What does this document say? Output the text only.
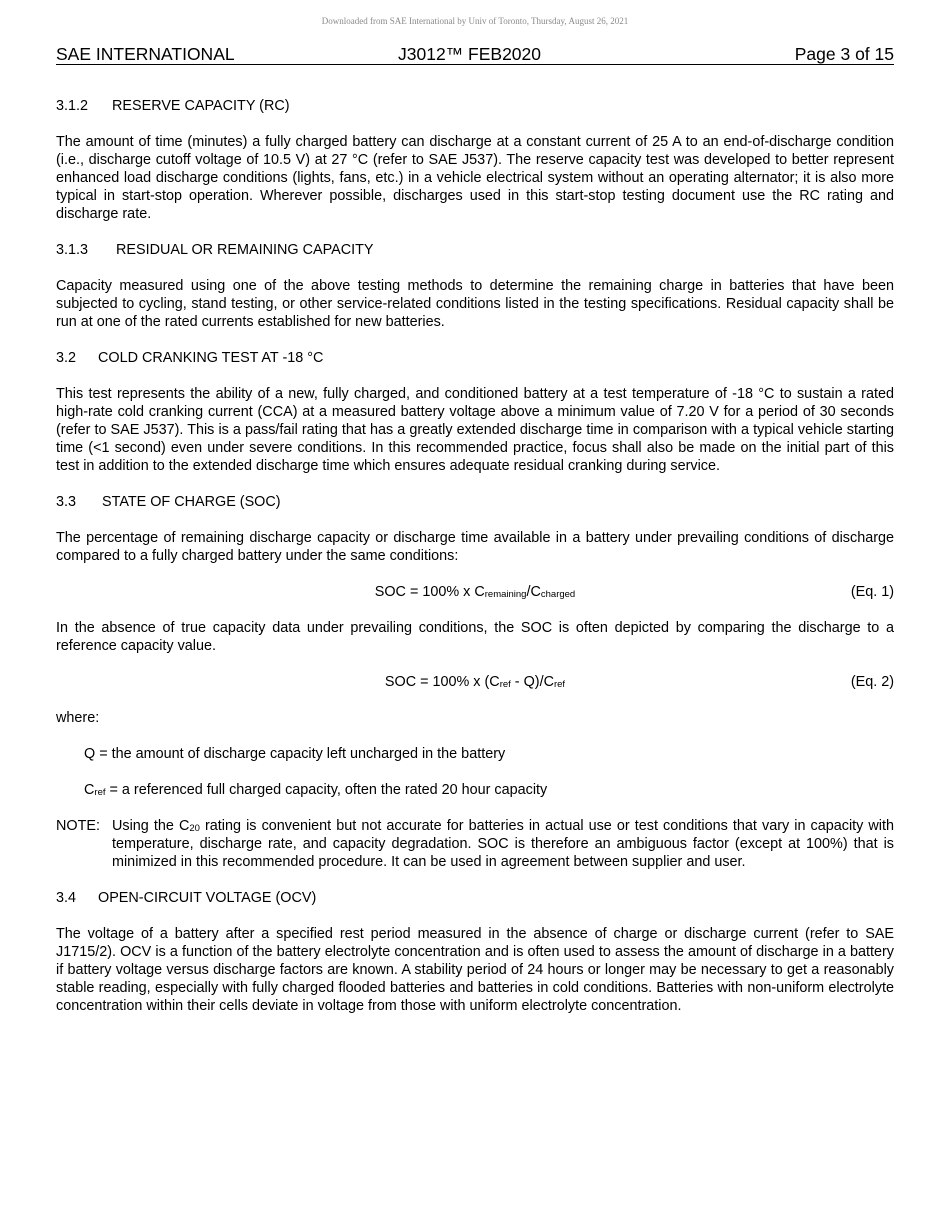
Downloaded from SAE International by Univ of Toronto, Thursday, August 26, 2021
SAE INTERNATIONAL	J3012™ FEB2020	Page 3 of 15
3.1.2 RESERVE CAPACITY (RC)

The amount of time (minutes) a fully charged battery can discharge at a constant current of 25 A to an end-of-discharge condition (i.e., discharge cutoff voltage of 10.5 V) at 27 °C (refer to SAE J537). The reserve capacity test was developed to better represent enhanced load discharge conditions (lights, fans, etc.) in a vehicle electrical system without an operating alternator; it is also more typical in start-stop operation. Wherever possible, discharges used in this start-stop testing document use the RC rating and discharge rate.

3.1.3 RESIDUAL OR REMAINING CAPACITY

Capacity measured using one of the above testing methods to determine the remaining charge in batteries that have been subjected to cycling, stand testing, or other service-related conditions listed in the testing specifications. Residual capacity shall be run at one of the rated currents established for new batteries.

3.2 COLD CRANKING TEST AT -18 °C

This test represents the ability of a new, fully charged, and conditioned battery at a test temperature of -18 °C to sustain a rated high-rate cold cranking current (CCA) at a measured battery voltage above a minimum value of 7.20 V for a period of 30 seconds (refer to SAE J537). This is a pass/fail rating that has a greatly extended discharge time in comparison with a typical vehicle starting time (<1 second) even under severe conditions. In this recommended practice, focus shall also be made on the initial part of this test in addition to the extended discharge time which ensures adequate residual cranking during service.

3.3 STATE OF CHARGE (SOC)

The percentage of remaining discharge capacity or discharge time available in a battery under prevailing conditions of discharge compared to a fully charged battery under the same conditions:

SOC = 100% x $C_{remaining}/C_{charged}$	(Eq. 1)

In the absence of true capacity data under prevailing conditions, the SOC is often depicted by comparing the discharge to a reference capacity value.

SOC = 100% x $(C_{ref} - Q)/C_{ref}$	(Eq. 2)

where:

Q = the amount of discharge capacity left uncharged in the battery

$C_{ref} = a$ referenced full charged capacity, often the rated 20 hour capacity

NOTE: Using the $C_{20}$ rating is convenient but not accurate for batteries in actual use or test conditions that vary in capacity with temperature, discharge rate, and capacity degradation. SOC is therefore an ambiguous factor (except at 100%) that is minimized in this recommended procedure. It can be used in agreement between supplier and user.
3.4 OPEN-CIRCUIT VOLTAGE (OCV)

The voltage of a battery after a specified rest period measured in the absence of charge or discharge current (refer to SAE J1715/2). OCV is a function of the battery electrolyte concentration and is often used to assess the amount of discharge in a battery if battery voltage versus discharge factors are known. A stability period of 24 hours or longer may be necessary to get a reasonably stable reading, especially with fully charged flooded batteries and batteries in cold conditions. Batteries with non-uniform electrolyte concentration within their cells deviate in voltage from those with uniform electrolyte concentration.
